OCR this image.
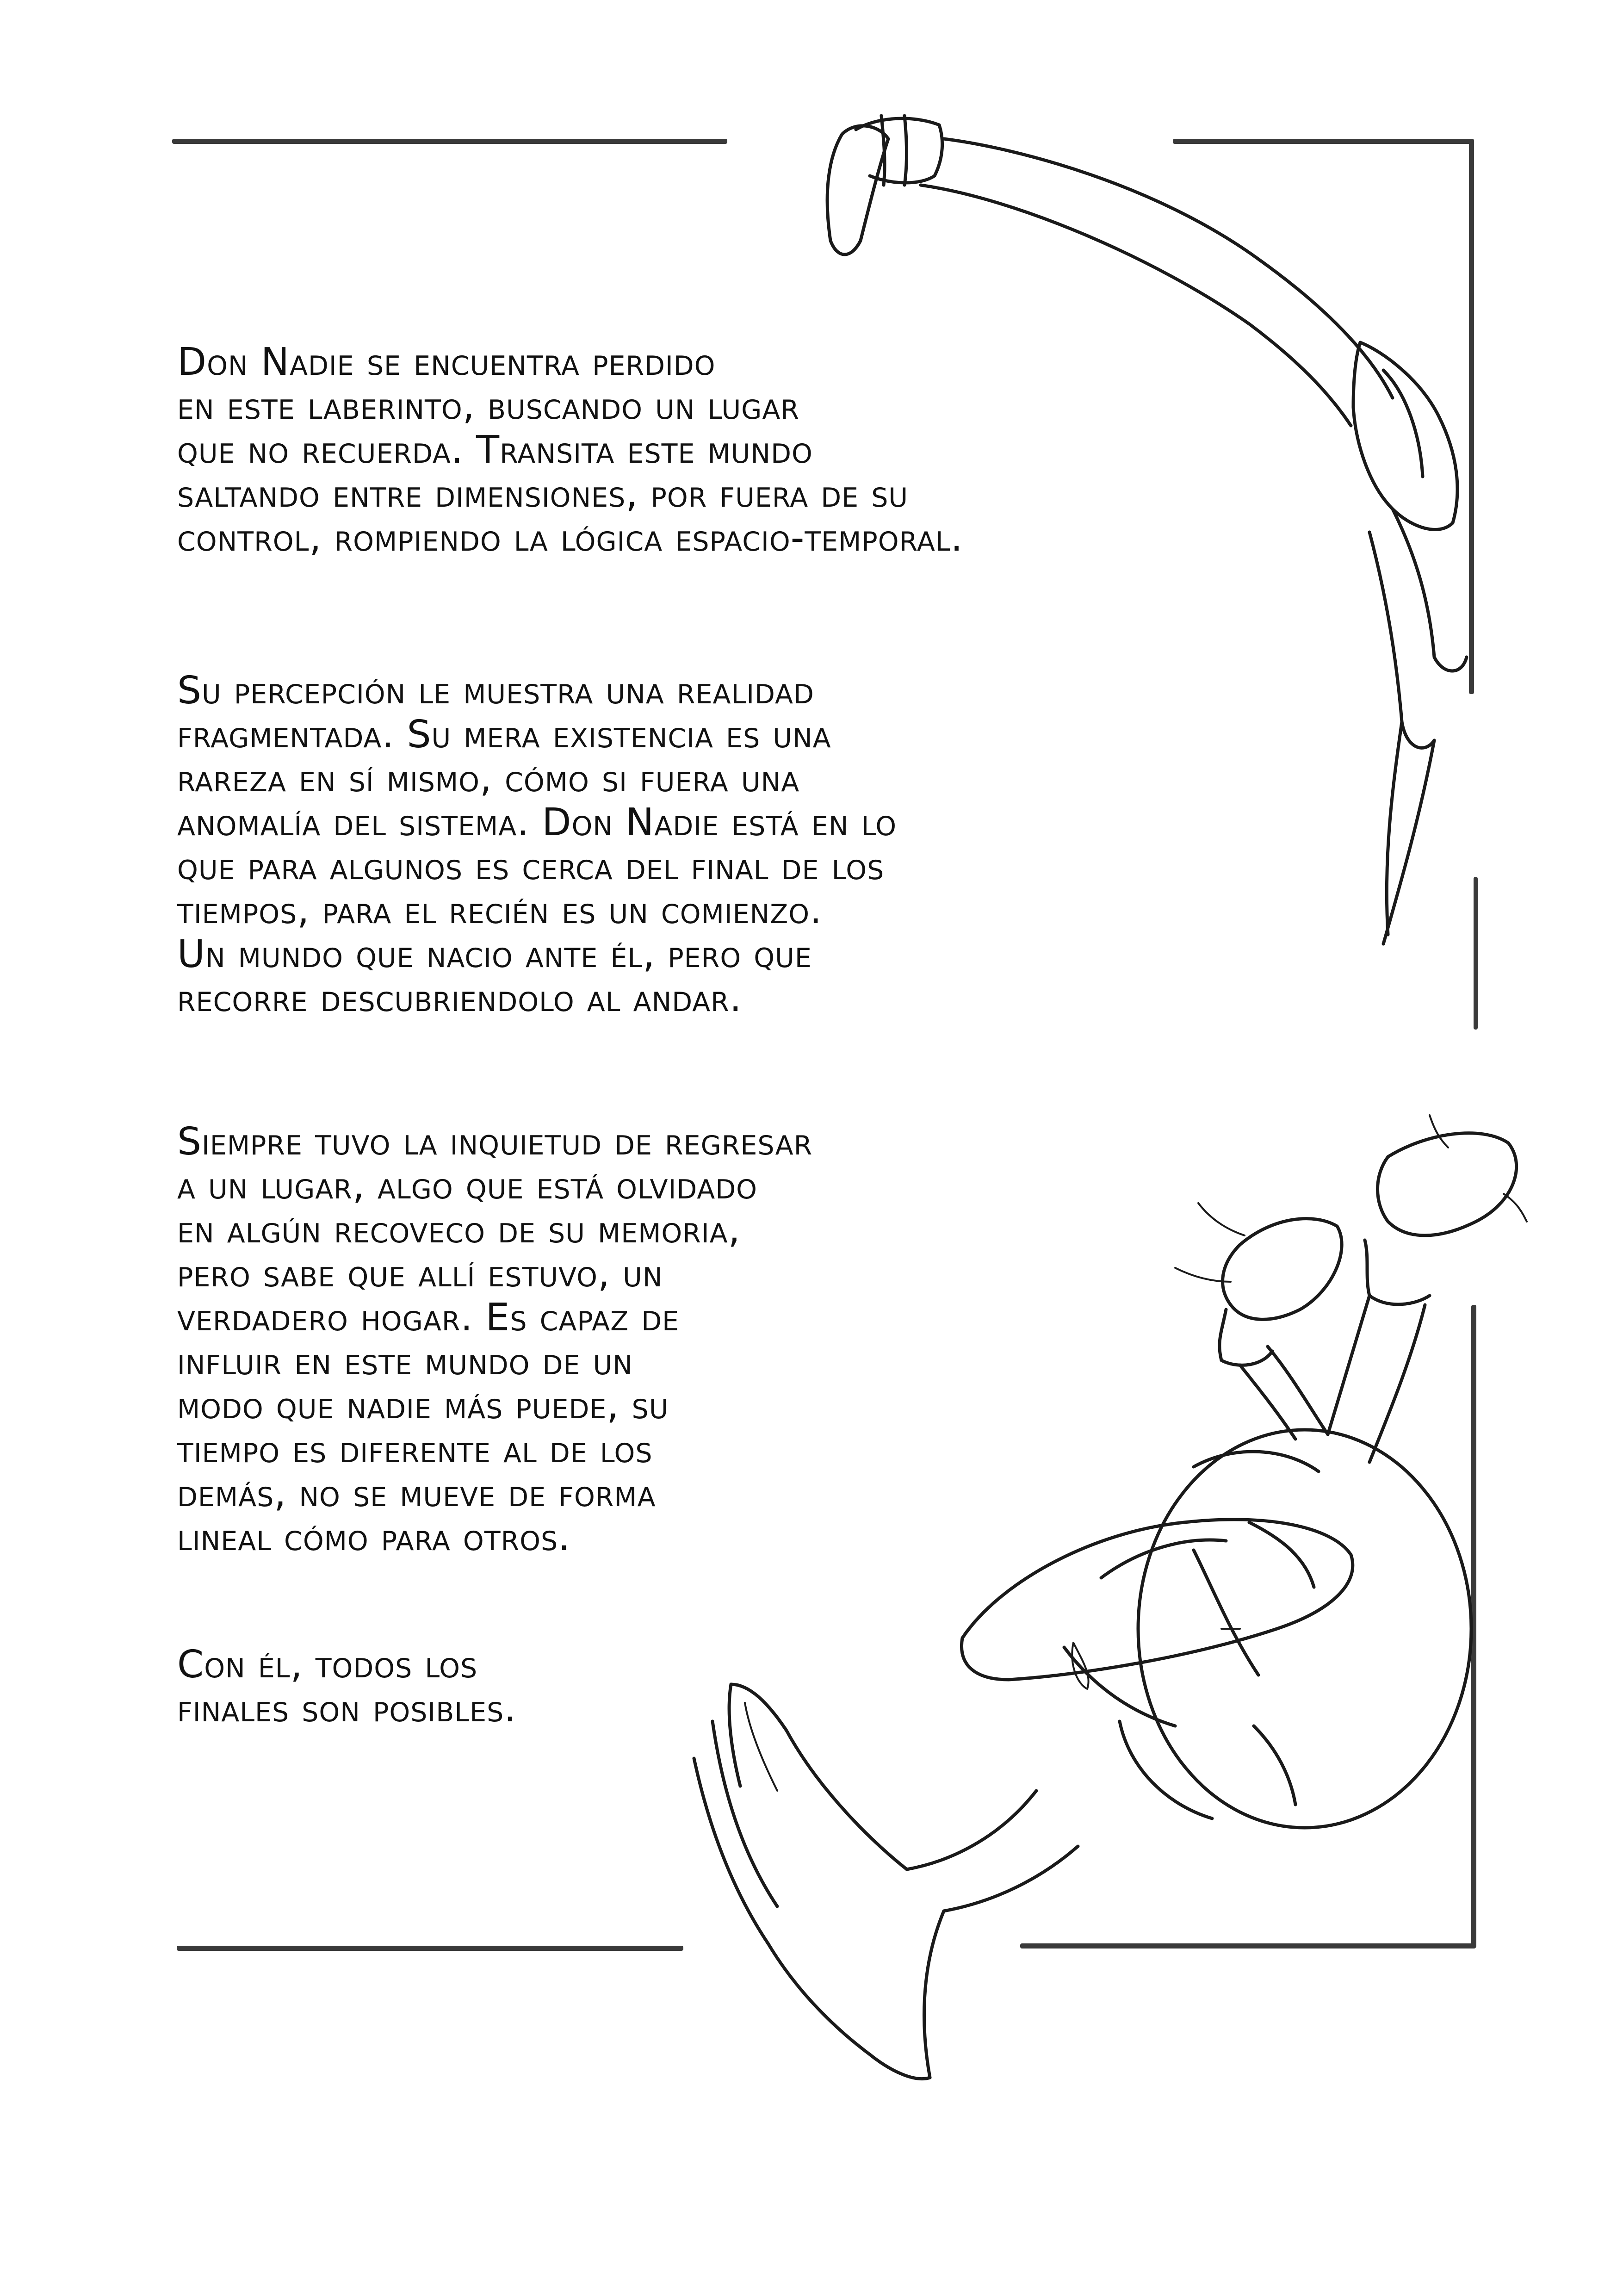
Don Nadie se encuentra perdido
en este laberinto, buscando un lugar
que no recuerda. Transita este mundo
saltando entre dimensiones, por fuera de su
control, rompiendo la lógica espacio-temporal.

Su percepción le muestra una realidad
fragmentada. Su mera existencia es una
rareza en sí mismo, cómo si fuera una
anomalía del sistema. Don Nadie está en lo
que para algunos es cerca del final de los
tiempos, para el recién es un comienzo.
Un mundo que nacio ante él, pero que
recorre descubriendolo al andar.

Siempre tuvo la inquietud de regresar
a un lugar, algo que está olvidado
en algún recoveco de su memoria,
pero sabe que allí estuvo, un
verdadero hogar. Es capaz de
influir en este mundo de un
modo que nadie más puede, su
tiempo es diferente al de los
demás, no se mueve de forma
lineal cómo para otros.

Con él, todos los
finales son posibles.
